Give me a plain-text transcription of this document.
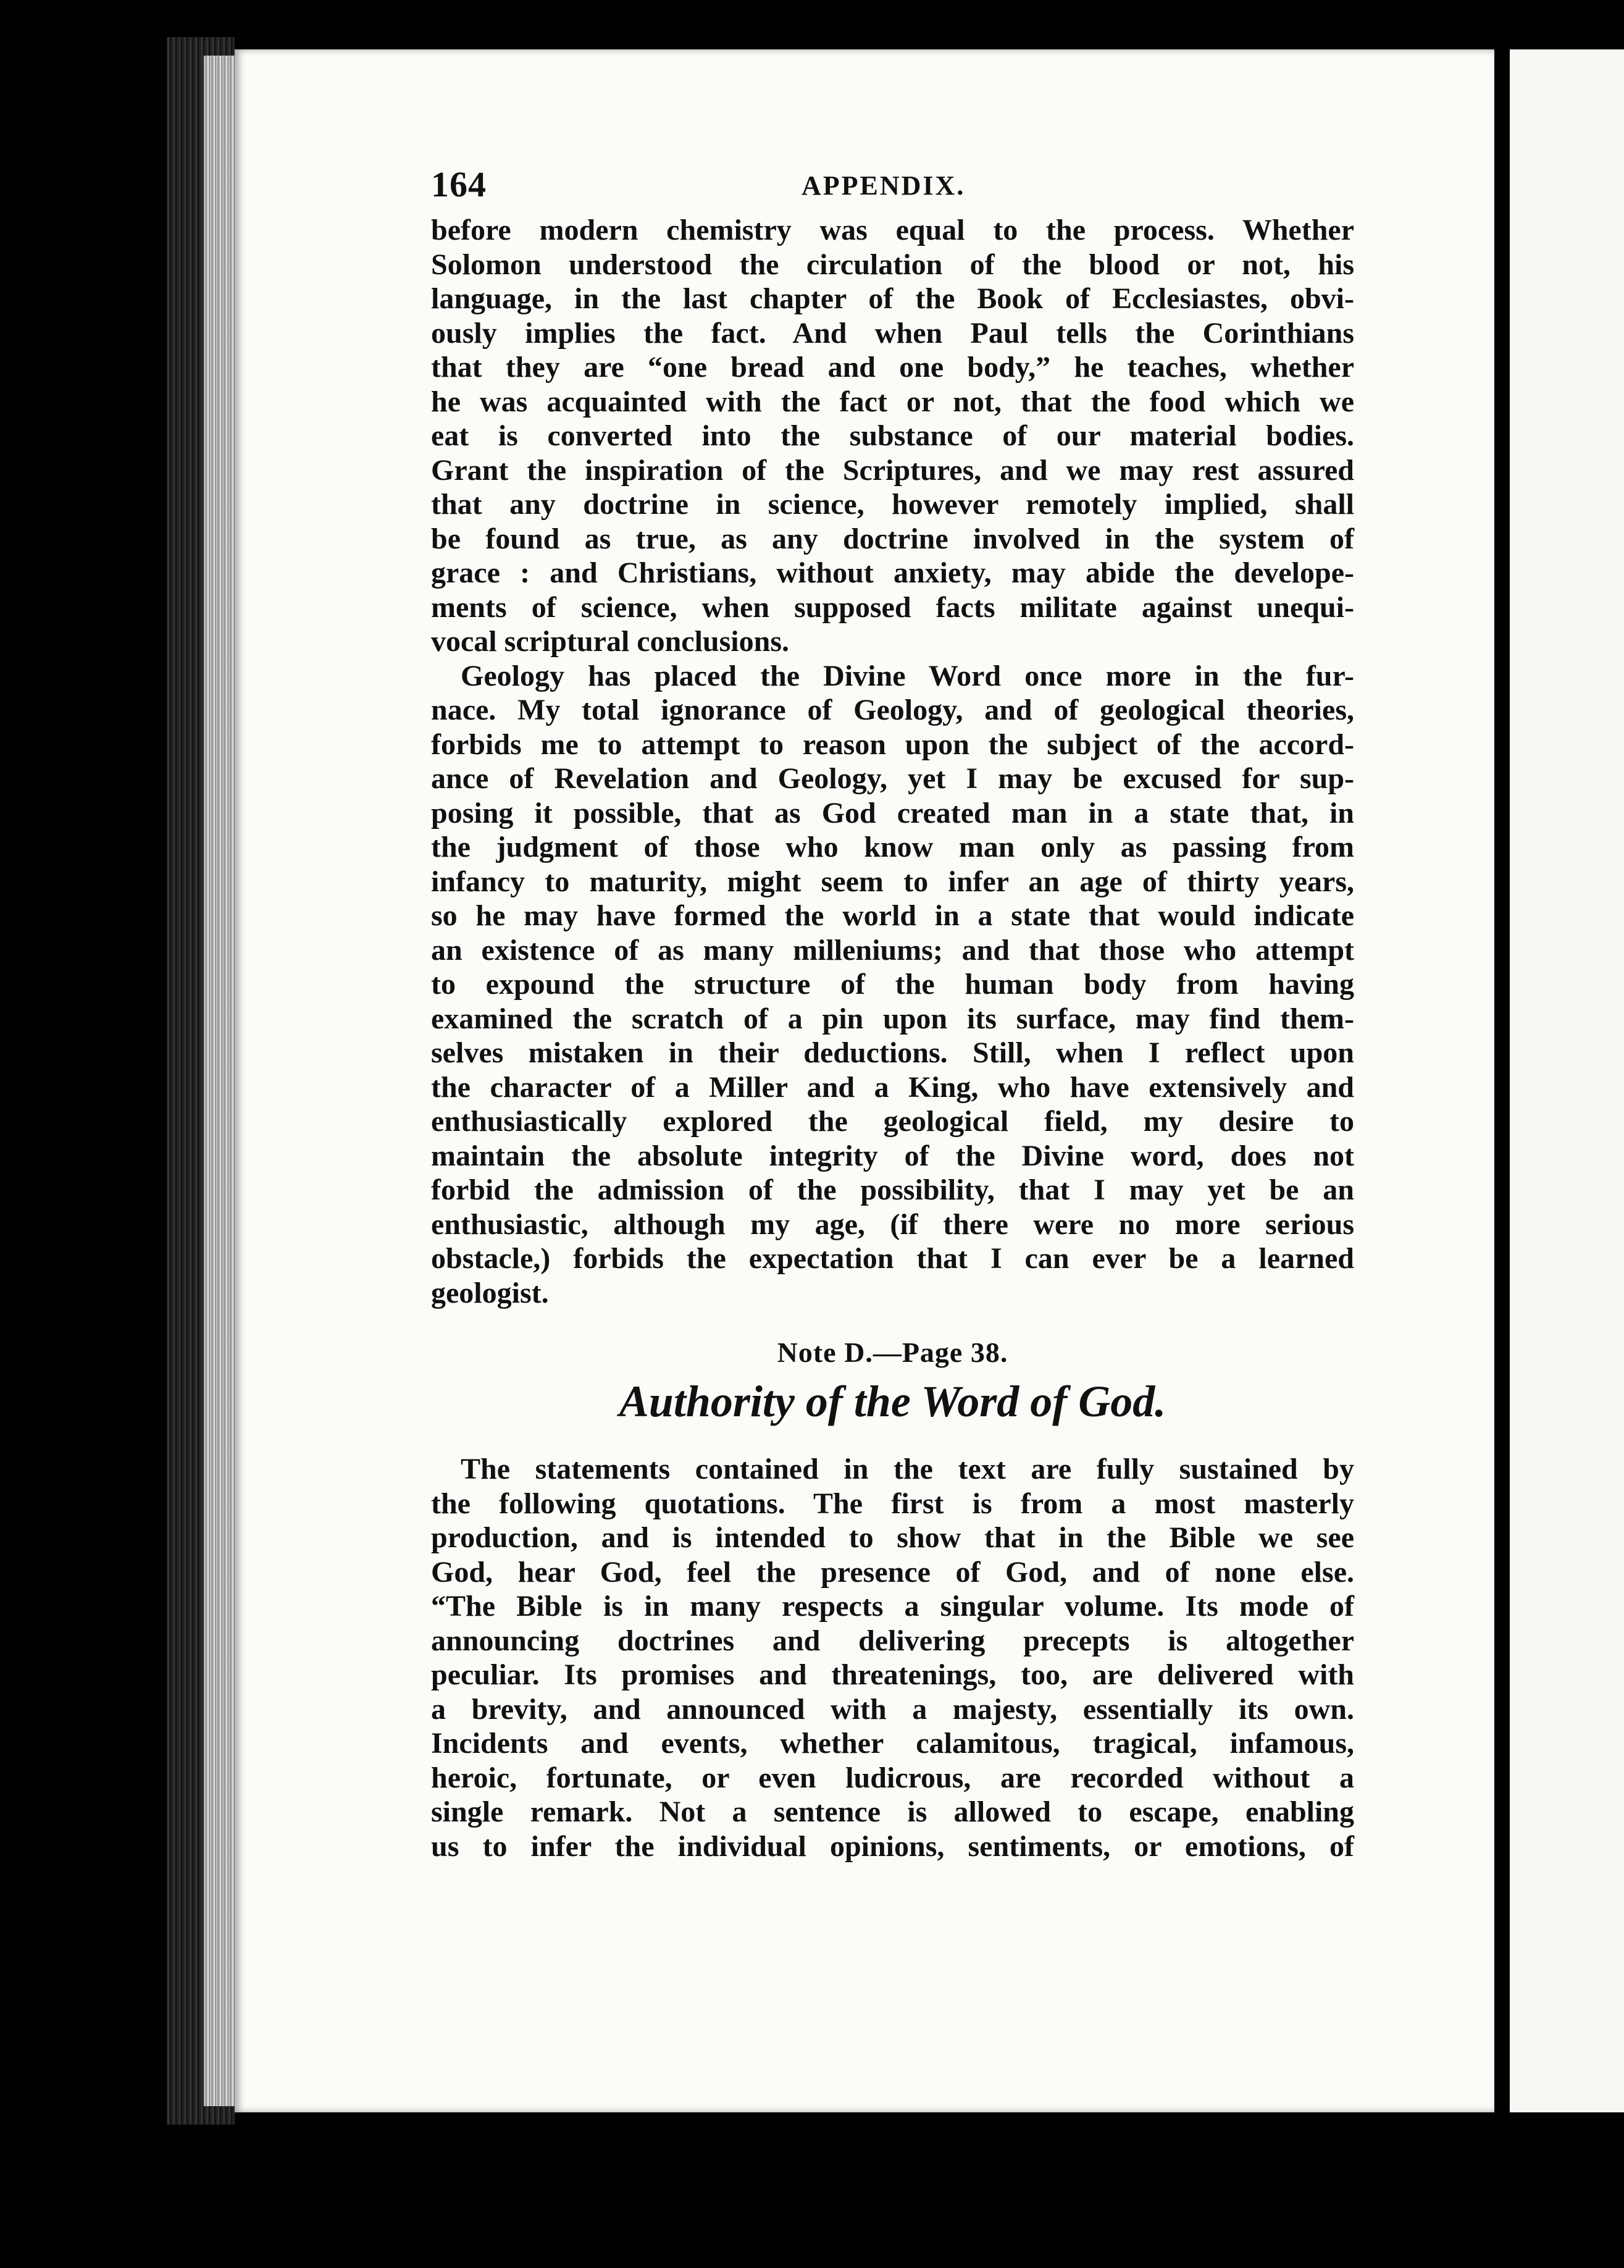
164	APPENDIX.
before modern chemistry was equal to the process. Whether
Solomon understood the circulation of the blood or not, his
language, in the last chapter of the Book of Ecclesiastes, obvi-
ously implies the fact. And when Paul tells the Corinthians
that they are “one bread and one body,” he teaches, whether
he was acquainted with the fact or not, that the food which we
eat is converted into the substance of our material bodies.
Grant the inspiration of the Scriptures, and we may rest assured
that any doctrine in science, however remotely implied, shall
be found as true, as any doctrine involved in the system of
grace : and Christians, without anxiety, may abide the develope-
ments of science, when supposed facts militate against unequi-
vocal scriptural conclusions.
Geology has placed the Divine Word once more in the fur-
nace. My total ignorance of Geology, and of geological theories,
forbids me to attempt to reason upon the subject of the accord-
ance of Revelation and Geology, yet I may be excused for sup-
posing it possible, that as God created man in a state that, in
the judgment of those who know man only as passing from
infancy to maturity, might seem to infer an age of thirty years,
so he may have formed the world in a state that would indicate
an existence of as many milleniums; and that those who attempt
to expound the structure of the human body from having
examined the scratch of a pin upon its surface, may find them-
selves mistaken in their deductions. Still, when I reflect upon
the character of a Miller and a King, who have extensively and
enthusiastically explored the geological field, my desire to
maintain the absolute integrity of the Divine word, does not
forbid the admission of the possibility, that I may yet be an
enthusiastic, although my age, (if there were no more serious
obstacle,) forbids the expectation that I can ever be a learned
geologist.
Note D.—Page 38.
Authority of the Word of God.
The statements contained in the text are fully sustained by
the following quotations. The first is from a most masterly
production, and is intended to show that in the Bible we see
God, hear God, feel the presence of God, and of none else.
“The Bible is in many respects a singular volume. Its mode of
announcing doctrines and delivering precepts is altogether
peculiar. Its promises and threatenings, too, are delivered with
a brevity, and announced with a majesty, essentially its own.
Incidents and events, whether calamitous, tragical, infamous,
heroic, fortunate, or even ludicrous, are recorded without a
single remark. Not a sentence is allowed to escape, enabling
us to infer the individual opinions, sentiments, or emotions, of
